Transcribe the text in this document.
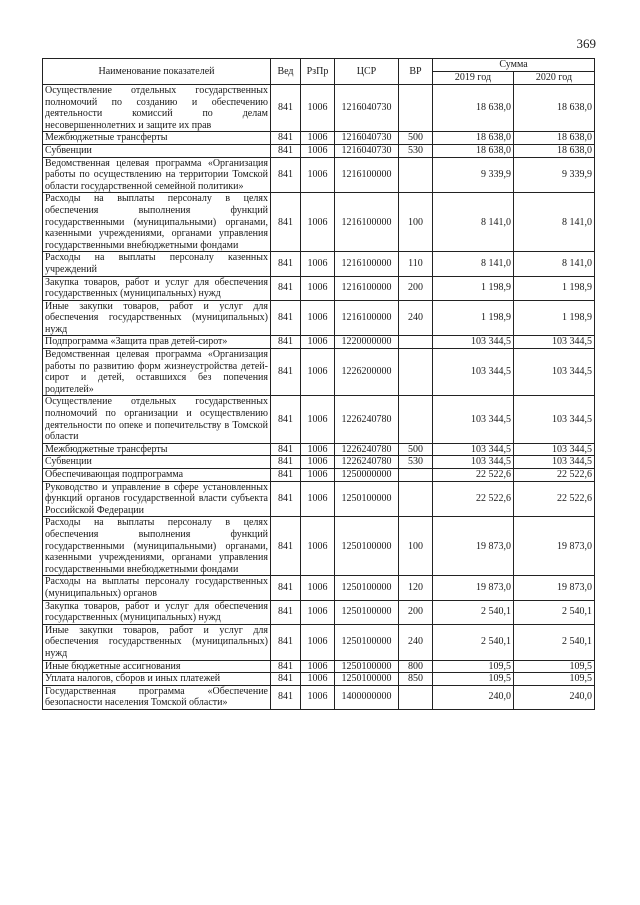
369
Наименование показателей	Вед	РзПр	ЦСР	ВР	Сумма	
					2019 год	2020 год
Осуществление отдельных государственных полномочий по созданию и обеспечению деятельности комиссий по делам несовершеннолетних и защите их прав	841	1006	1216040730		18 638,0	18 638,0
Межбюджетные трансферты	841	1006	1216040730	500	18 638,0	18 638,0
Субвенции	841	1006	1216040730	530	18 638,0	18 638,0
Ведомственная целевая программа «Организация работы по осуществлению на территории Томской области государственной семейной политики»	841	1006	1216100000		9 339,9	9 339,9
Расходы на выплаты персоналу в целях обеспечения выполнения функций государственными (муниципальными) органами, казенными учреждениями, органами управления государственными внебюджетными фондами	841	1006	1216100000	100	8 141,0	8 141,0
Расходы на выплаты персоналу казенных учреждений	841	1006	1216100000	110	8 141,0	8 141,0
Закупка товаров, работ и услуг для обеспечения государственных (муниципальных) нужд	841	1006	1216100000	200	1 198,9	1 198,9
Иные закупки товаров, работ и услуг для обеспечения государственных (муниципальных) нужд	841	1006	1216100000	240	1 198,9	1 198,9
Подпрограмма «Защита прав детей-сирот»	841	1006	1220000000		103 344,5	103 344,5
Ведомственная целевая программа «Организация работы по развитию форм жизнеустройства детей-сирот и детей, оставшихся без попечения родителей»	841	1006	1226200000		103 344,5	103 344,5
Осуществление отдельных государственных полномочий по организации и осуществлению деятельности по опеке и попечительству в Томской области	841	1006	1226240780		103 344,5	103 344,5
Межбюджетные трансферты	841	1006	1226240780	500	103 344,5	103 344,5
Субвенции	841	1006	1226240780	530	103 344,5	103 344,5
Обеспечивающая подпрограмма	841	1006	1250000000		22 522,6	22 522,6
Руководство и управление в сфере установленных функций органов государственной власти субъекта Российской Федерации	841	1006	1250100000		22 522,6	22 522,6
Расходы на выплаты персоналу в целях обеспечения выполнения функций государственными (муниципальными) органами, казенными учреждениями, органами управления государственными внебюджетными фондами	841	1006	1250100000	100	19 873,0	19 873,0
Расходы на выплаты персоналу государственных (муниципальных) органов	841	1006	1250100000	120	19 873,0	19 873,0
Закупка товаров, работ и услуг для обеспечения государственных (муниципальных) нужд	841	1006	1250100000	200	2 540,1	2 540,1
Иные закупки товаров, работ и услуг для обеспечения государственных (муниципальных) нужд	841	1006	1250100000	240	2 540,1	2 540,1
Иные бюджетные ассигнования	841	1006	1250100000	800	109,5	109,5
Уплата налогов, сборов и иных платежей	841	1006	1250100000	850	109,5	109,5
Государственная программа «Обеспечение безопасности населения Томской области»	841	1006	1400000000		240,0	240,0
